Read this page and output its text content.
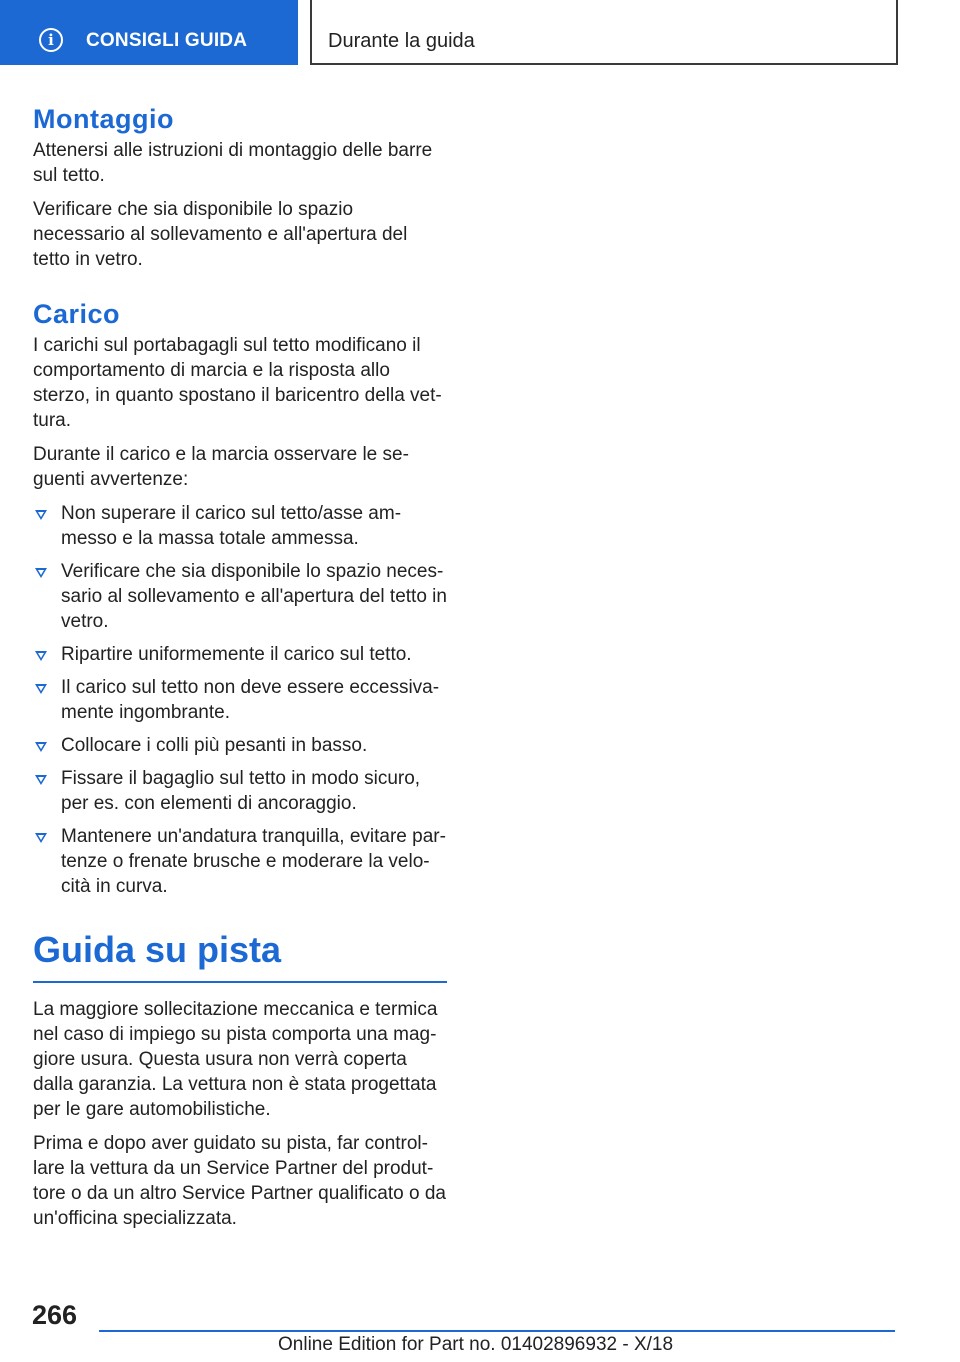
i	CONSIGLI GUIDA	Durante la guida
Montaggio

Attenersi alle istruzioni di montaggio delle barre sul tetto.

Verificare che sia disponibile lo spazio necessario al sollevamento e all'apertura del tetto in vetro.

Carico

I carichi sul portabagagli sul tetto modificano il comportamento di marcia e la risposta allo sterzo, in quanto spostano il baricentro della vettura.

Durante il carico e la marcia osservare le seguenti avvertenze:

Non superare il carico sul tetto/asse ammesso e la massa totale ammessa.
Verificare che sia disponibile lo spazio necessario al sollevamento e all'apertura del tetto in vetro.
Ripartire uniformemente il carico sul tetto.
Il carico sul tetto non deve essere eccessivamente ingombrante.
Collocare i colli più pesanti in basso.
Fissare il bagaglio sul tetto in modo sicuro, per es. con elementi di ancoraggio.
Mantenere un'andatura tranquilla, evitare partenze o frenate brusche e moderare la velocità in curva.
Guida su pista

La maggiore sollecitazione meccanica e termica nel caso di impiego su pista comporta una maggiore usura. Questa usura non verrà coperta dalla garanzia. La vettura non è stata progettata per le gare automobilistiche.

Prima e dopo aver guidato su pista, far controllare la vettura da un Service Partner del produttore o da un altro Service Partner qualificato o da un'officina specializzata.

266
Online Edition for Part no. 01402896932 - X/18
